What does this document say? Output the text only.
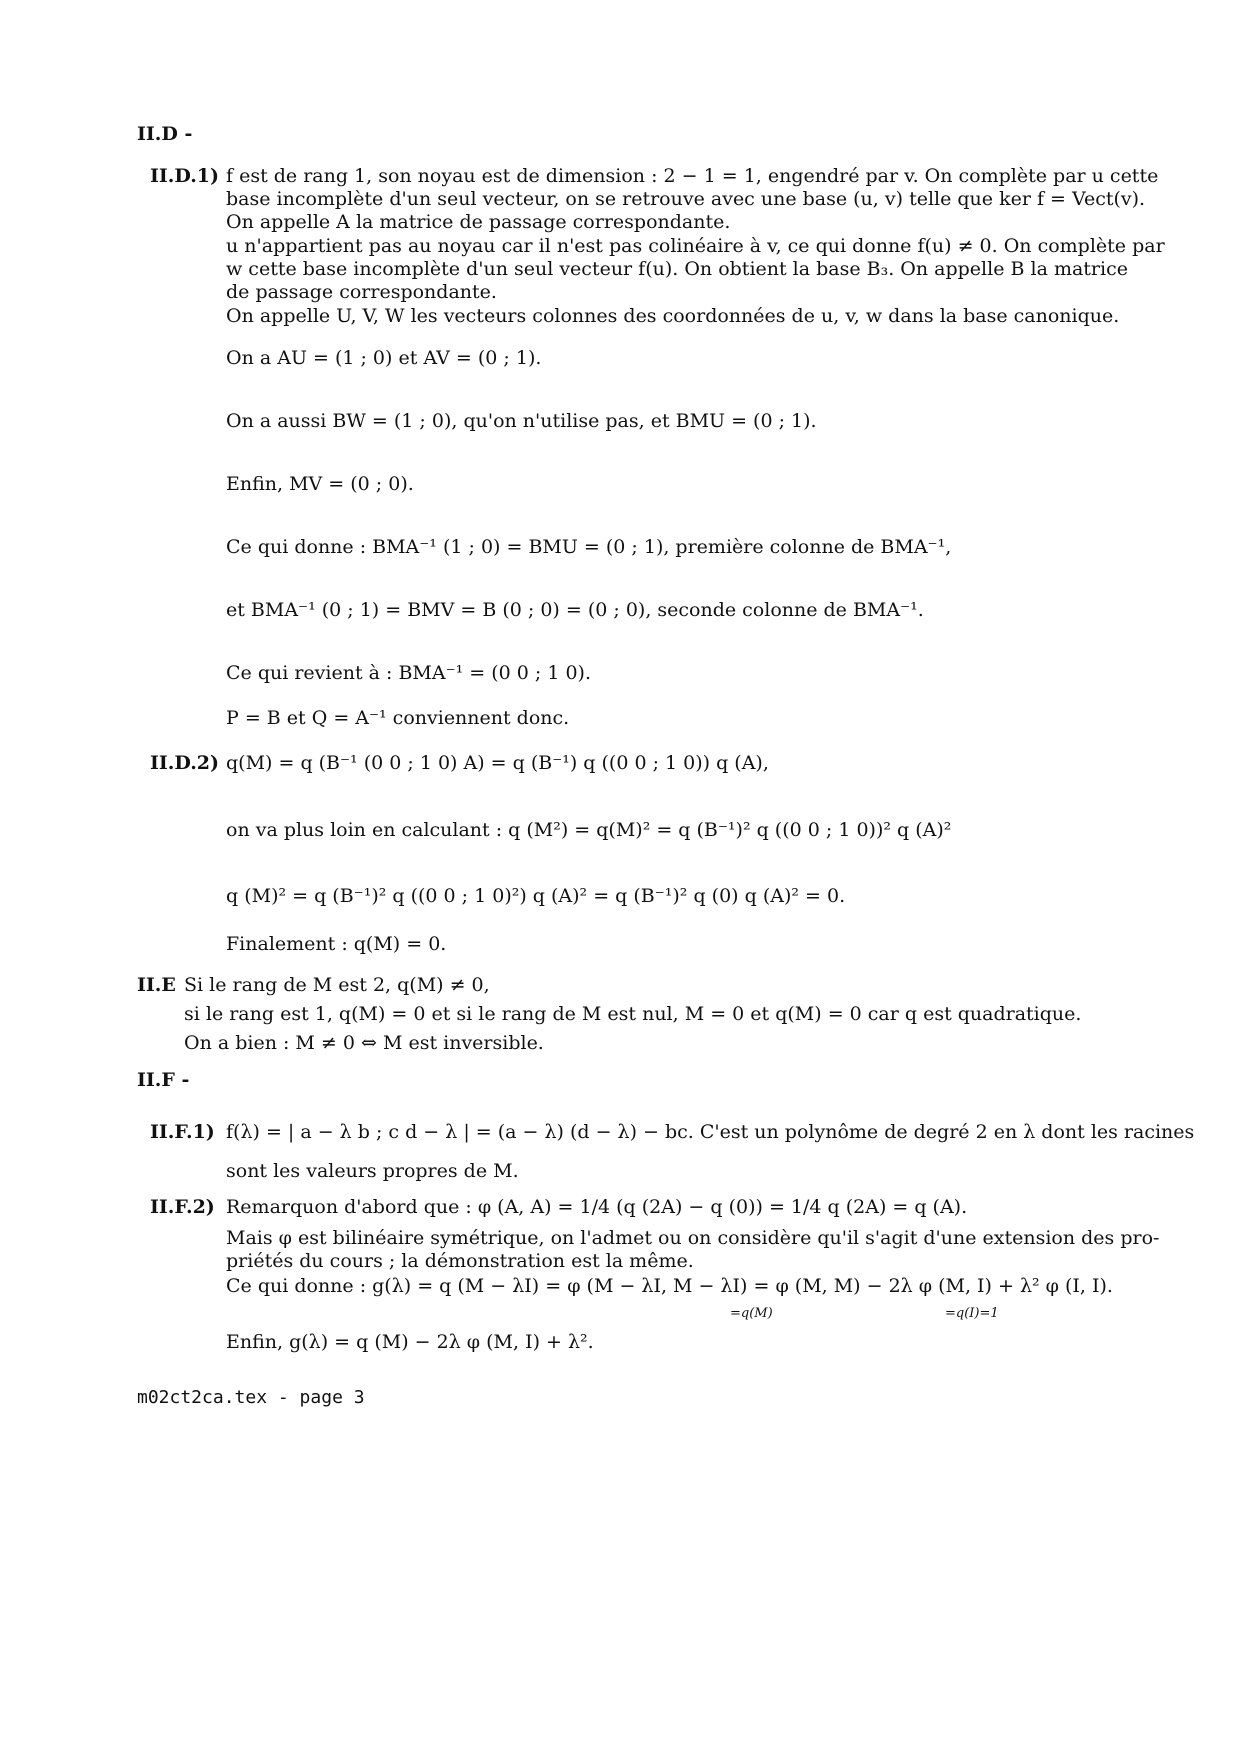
II.D -
II.D.1) f est de rang 1, son noyau est de dimension : 2 − 1 = 1, engendré par v. On complète par u cette
base incomplète d'un seul vecteur, on se retrouve avec une base (u, v) telle que ker f = Vect(v).
On appelle A la matrice de passage correspondante.
u n'appartient pas au noyau car il n'est pas colinéaire à v, ce qui donne f(u) ≠ 0. On complète par
w cette base incomplète d'un seul vecteur f(u). On obtient la base B₃. On appelle B la matrice
de passage correspondante.
On appelle U, V, W les vecteurs colonnes des coordonnées de u, v, w dans la base canonique.
On a AU = (1 ; 0) et AV = (0 ; 1).
On a aussi BW = (1 ; 0), qu'on n'utilise pas, et BMU = (0 ; 1).
Enfin, MV = (0 ; 0).
Ce qui donne : BMA⁻¹ (1 ; 0) = BMU = (0 ; 1), première colonne de BMA⁻¹,
et BMA⁻¹ (0 ; 1) = BMV = B (0 ; 0) = (0 ; 0), seconde colonne de BMA⁻¹.
Ce qui revient à : BMA⁻¹ = (0 0 ; 1 0).
P = B et Q = A⁻¹ conviennent donc.
II.D.2) q(M) = q (B⁻¹ (0 0 ; 1 0) A) = q (B⁻¹) q ((0 0 ; 1 0)) q (A),
on va plus loin en calculant : q (M²) = q(M)² = q (B⁻¹)² q ((0 0 ; 1 0))² q (A)²
q (M)² = q (B⁻¹)² q ((0 0 ; 1 0)²) q (A)² = q (B⁻¹)² q (0) q (A)² = 0.
Finalement : q(M) = 0.
II.E Si le rang de M est 2, q(M) ≠ 0,
si le rang est 1, q(M) = 0 et si le rang de M est nul, M = 0 et q(M) = 0 car q est quadratique.
On a bien : M ≠ 0 ⇔ M est inversible.
II.F -
II.F.1) f(λ) = | a − λ b ; c d − λ | = (a − λ) (d − λ) − bc. C'est un polynôme de degré 2 en λ dont les racines
sont les valeurs propres de M.
II.F.2) Remarquon d'abord que : φ (A, A) = 1/4 (q (2A) − q (0)) = 1/4 q (2A) = q (A).
Mais φ est bilinéaire symétrique, on l'admet ou on considère qu'il s'agit d'une extension des pro-
priétés du cours ; la démonstration est la même.
Ce qui donne : g(λ) = q (M − λI) = φ (M − λI, M − λI) = φ (M, M) − 2λ φ (M, I) + λ² φ (I, I).
=q(M)	=q(I)=1
Enfin, g(λ) = q (M) − 2λ φ (M, I) + λ².
m02ct2ca.tex - page 3
